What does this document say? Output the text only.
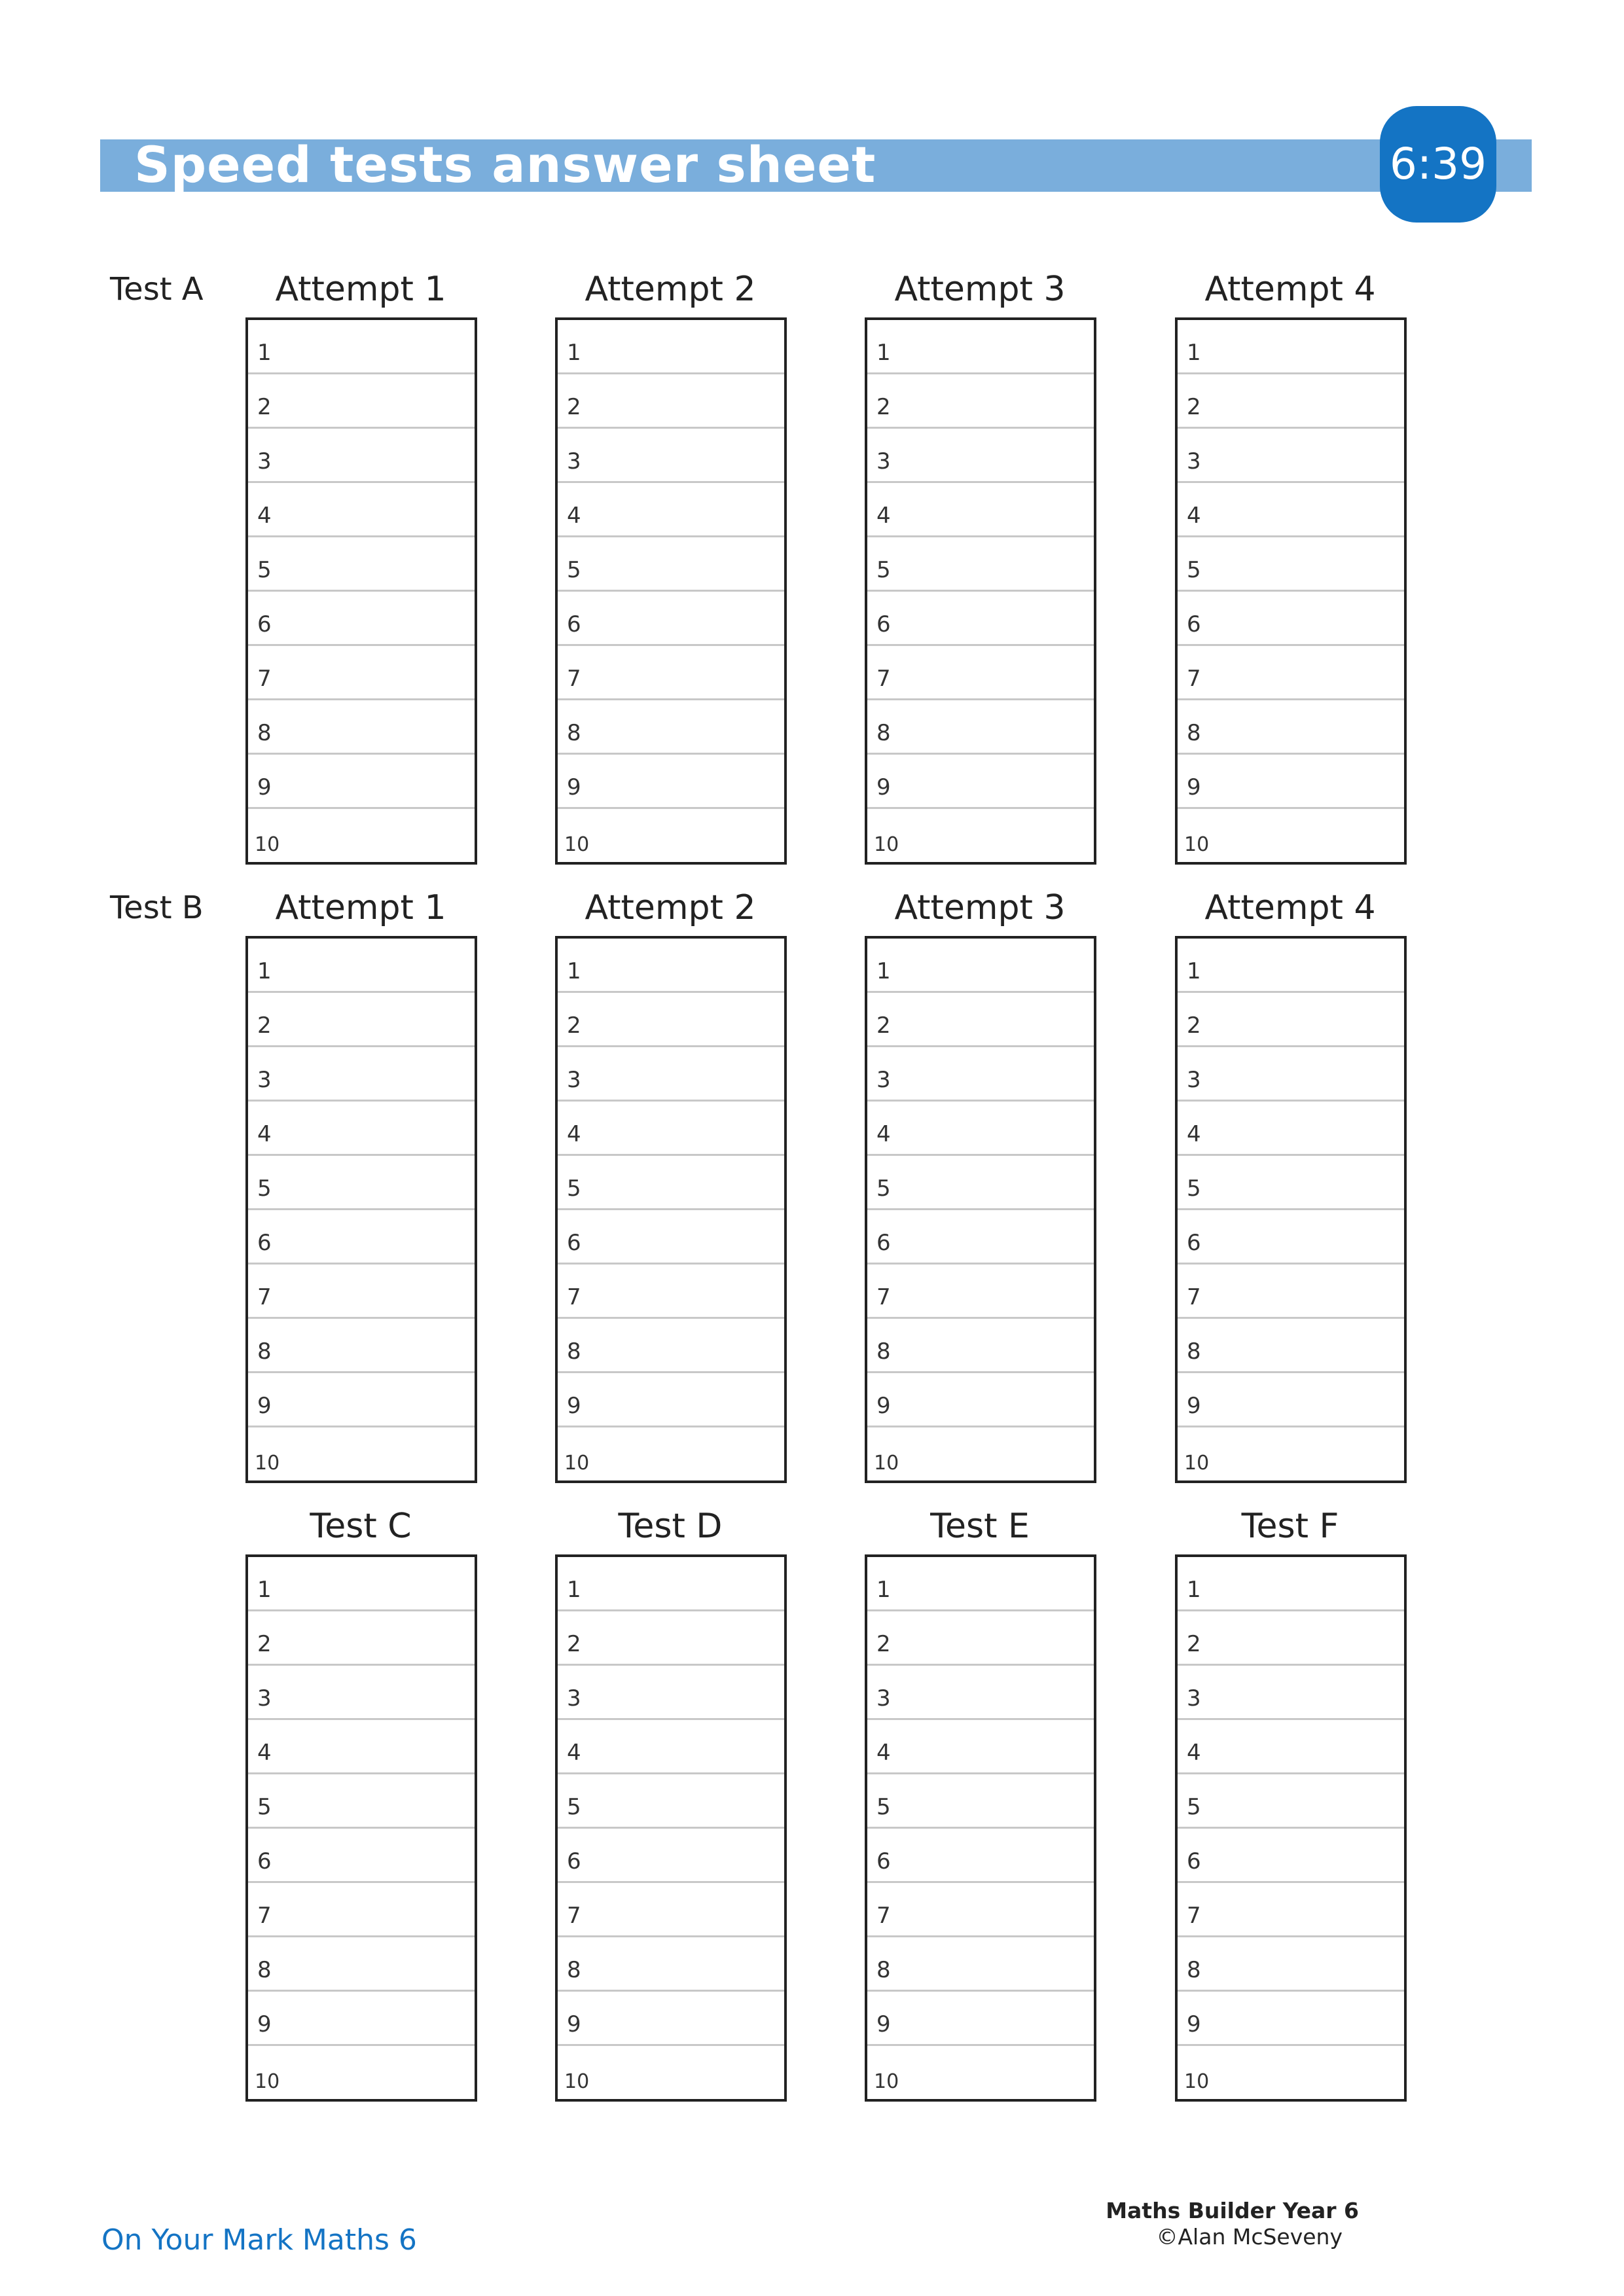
Speed tests answer sheet	6:39
Test A	Attempt 1
1
2
3
4
5
6
7
8
9
10
Attempt 2
1
2
3
4
5
6
7
8
9
10
Attempt 3
1
2
3
4
5
6
7
8
9
10
Attempt 4
1
2
3
4
5
6
7
8
9
10
Test B	Attempt 1
1
2
3
4
5
6
7
8
9
10
Attempt 2
1
2
3
4
5
6
7
8
9
10
Attempt 3
1
2
3
4
5
6
7
8
9
10
Attempt 4
1
2
3
4
5
6
7
8
9
10
Test C
1
2
3
4
5
6
7
8
9
10
Test D
1
2
3
4
5
6
7
8
9
10
Test E
1
2
3
4
5
6
7
8
9
10
Test F
1
2
3
4
5
6
7
8
9
10
On Your Mark Maths 6
Maths Builder Year 6
©Alan McSeveny
